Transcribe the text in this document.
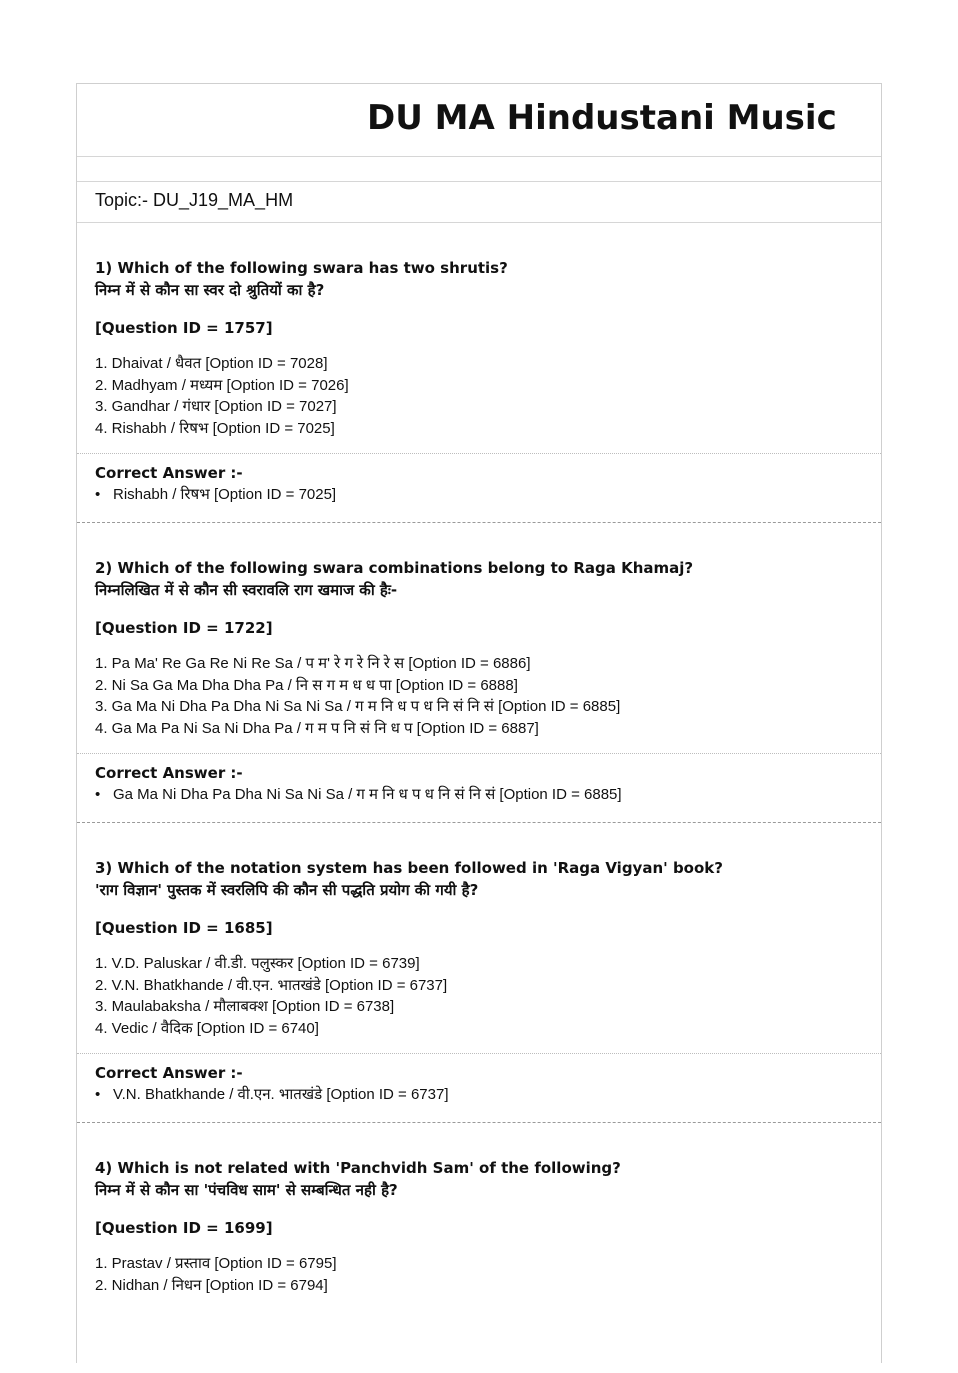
DU MA Hindustani Music
Topic:- DU_J19_MA_HM
1) Which of the following swara has two shrutis?
निम्न में से कौन सा स्वर दो श्रुतियों का है?
[Question ID = 1757]
1. Dhaivat / धैवत [Option ID = 7028]
2. Madhyam / मध्यम [Option ID = 7026]
3. Gandhar / गंधार [Option ID = 7027]
4. Rishabh / रिषभ [Option ID = 7025]
Correct Answer :-
• Rishabh / रिषभ [Option ID = 7025]
2) Which of the following swara combinations belong to Raga Khamaj?
निम्नलिखित में से कौन सी स्वरावलि राग खमाज की हैः-
[Question ID = 1722]
1. Pa Ma' Re Ga Re Ni Re Sa / प म' रे ग रे नि रे स [Option ID = 6886]
2. Ni Sa Ga Ma Dha Dha Pa / नि स ग म ध ध पा [Option ID = 6888]
3. Ga Ma Ni Dha Pa Dha Ni Sa Ni Sa / ग म नि ध प ध नि सं नि सं [Option ID = 6885]
4. Ga Ma Pa Ni Sa Ni Dha Pa / ग म प नि सं नि ध प [Option ID = 6887]
Correct Answer :-
• Ga Ma Ni Dha Pa Dha Ni Sa Ni Sa / ग म नि ध प ध नि सं नि सं [Option ID = 6885]
3) Which of the notation system has been followed in 'Raga Vigyan' book?
'राग विज्ञान' पुस्तक में स्वरलिपि की कौन सी पद्धति प्रयोग की गयी है?
[Question ID = 1685]
1. V.D. Paluskar / वी.डी. पलुस्कर [Option ID = 6739]
2. V.N. Bhatkhande / वी.एन. भातखंडे [Option ID = 6737]
3. Maulabaksha / मौलाबक्श [Option ID = 6738]
4. Vedic / वैदिक [Option ID = 6740]
Correct Answer :-
• V.N. Bhatkhande / वी.एन. भातखंडे [Option ID = 6737]
4) Which is not related with 'Panchvidh Sam' of the following?
निम्न में से कौन सा 'पंचविध साम' से सम्बन्धित नही है?
[Question ID = 1699]
1. Prastav / प्रस्ताव [Option ID = 6795]
2. Nidhan / निधन [Option ID = 6794]
